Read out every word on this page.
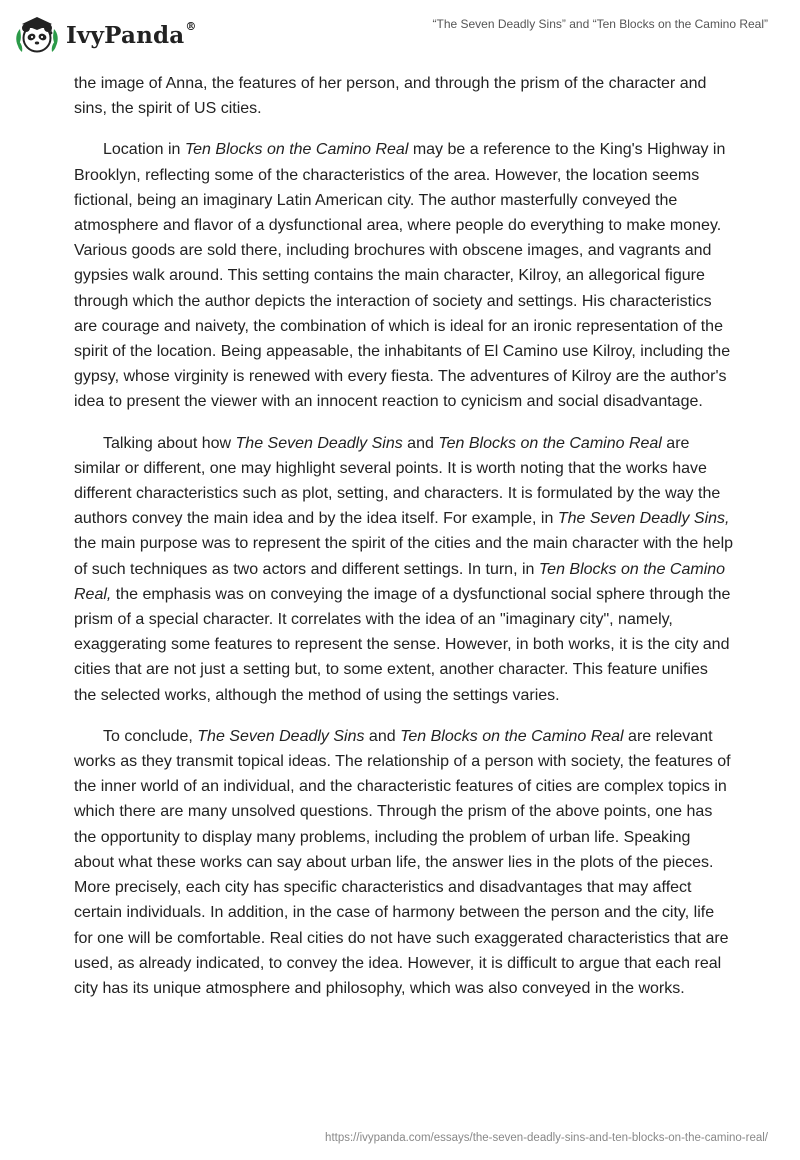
IvyPanda®	“The Seven Deadly Sins” and “Ten Blocks on the Camino Real”

the image of Anna, the features of her person, and through the prism of the character and sins, the spirit of US cities.

Location in Ten Blocks on the Camino Real may be a reference to the King's Highway in Brooklyn, reflecting some of the characteristics of the area. However, the location seems fictional, being an imaginary Latin American city. The author masterfully conveyed the atmosphere and flavor of a dysfunctional area, where people do everything to make money. Various goods are sold there, including brochures with obscene images, and vagrants and gypsies walk around. This setting contains the main character, Kilroy, an allegorical figure through which the author depicts the interaction of society and settings. His characteristics are courage and naivety, the combination of which is ideal for an ironic representation of the spirit of the location. Being appeasable, the inhabitants of El Camino use Kilroy, including the gypsy, whose virginity is renewed with every fiesta. The adventures of Kilroy are the author's idea to present the viewer with an innocent reaction to cynicism and social disadvantage.

Talking about how The Seven Deadly Sins and Ten Blocks on the Camino Real are similar or different, one may highlight several points. It is worth noting that the works have different characteristics such as plot, setting, and characters. It is formulated by the way the authors convey the main idea and by the idea itself. For example, in The Seven Deadly Sins, the main purpose was to represent the spirit of the cities and the main character with the help of such techniques as two actors and different settings. In turn, in Ten Blocks on the Camino Real, the emphasis was on conveying the image of a dysfunctional social sphere through the prism of a special character. It correlates with the idea of an "imaginary city", namely, exaggerating some features to represent the sense. However, in both works, it is the city and cities that are not just a setting but, to some extent, another character. This feature unifies the selected works, although the method of using the settings varies.

To conclude, The Seven Deadly Sins and Ten Blocks on the Camino Real are relevant works as they transmit topical ideas. The relationship of a person with society, the features of the inner world of an individual, and the characteristic features of cities are complex topics in which there are many unsolved questions. Through the prism of the above points, one has the opportunity to display many problems, including the problem of urban life. Speaking about what these works can say about urban life, the answer lies in the plots of the pieces. More precisely, each city has specific characteristics and disadvantages that may affect certain individuals. In addition, in the case of harmony between the person and the city, life for one will be comfortable. Real cities do not have such exaggerated characteristics that are used, as already indicated, to convey the idea. However, it is difficult to argue that each real city has its unique atmosphere and philosophy, which was also conveyed in the works.

https://ivypanda.com/essays/the-seven-deadly-sins-and-ten-blocks-on-the-camino-real/
